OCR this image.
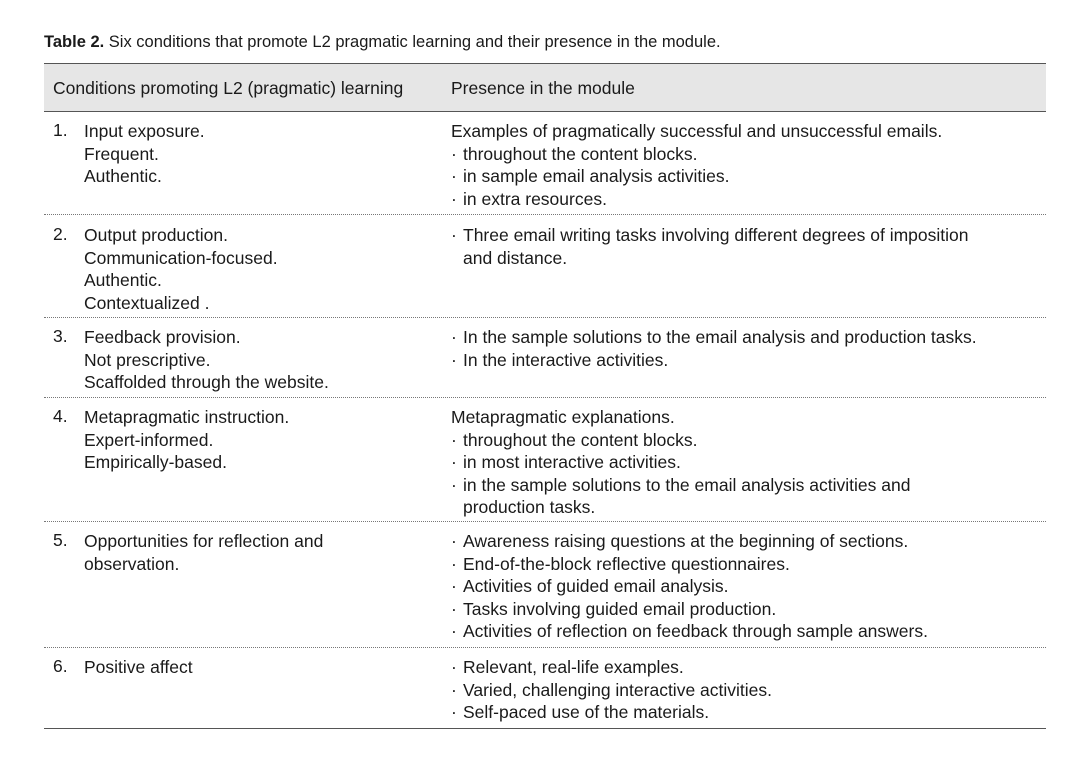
Table 2. Six conditions that promote L2 pragmatic learning and their presence in the module.
Conditions promoting L2 (pragmatic) learning	Presence in the module
1. Input exposure.
Frequent.
Authentic.
Examples of pragmatically successful and unsuccessful emails.
· throughout the content blocks.
· in sample email analysis activities.
· in extra resources.
2. Output production.
Communication-focused.
Authentic.
Contextualized .
· Three email writing tasks involving different degrees of imposition
and distance.
3. Feedback provision.
Not prescriptive.
Scaffolded through the website.
· In the sample solutions to the email analysis and production tasks.
· In the interactive activities.
4. Metapragmatic instruction.
Expert-informed.
Empirically-based.
Metapragmatic explanations.
· throughout the content blocks.
· in most interactive activities.
· in the sample solutions to the email analysis activities and
production tasks.
5. Opportunities for reflection and
observation.
· Awareness raising questions at the beginning of sections.
· End-of-the-block reflective questionnaires.
· Activities of guided email analysis.
· Tasks involving guided email production.
· Activities of reflection on feedback through sample answers.
6. Positive affect
·	Relevant, real-life examples.
· Varied, challenging interactive activities.
· Self-paced use of the materials.
